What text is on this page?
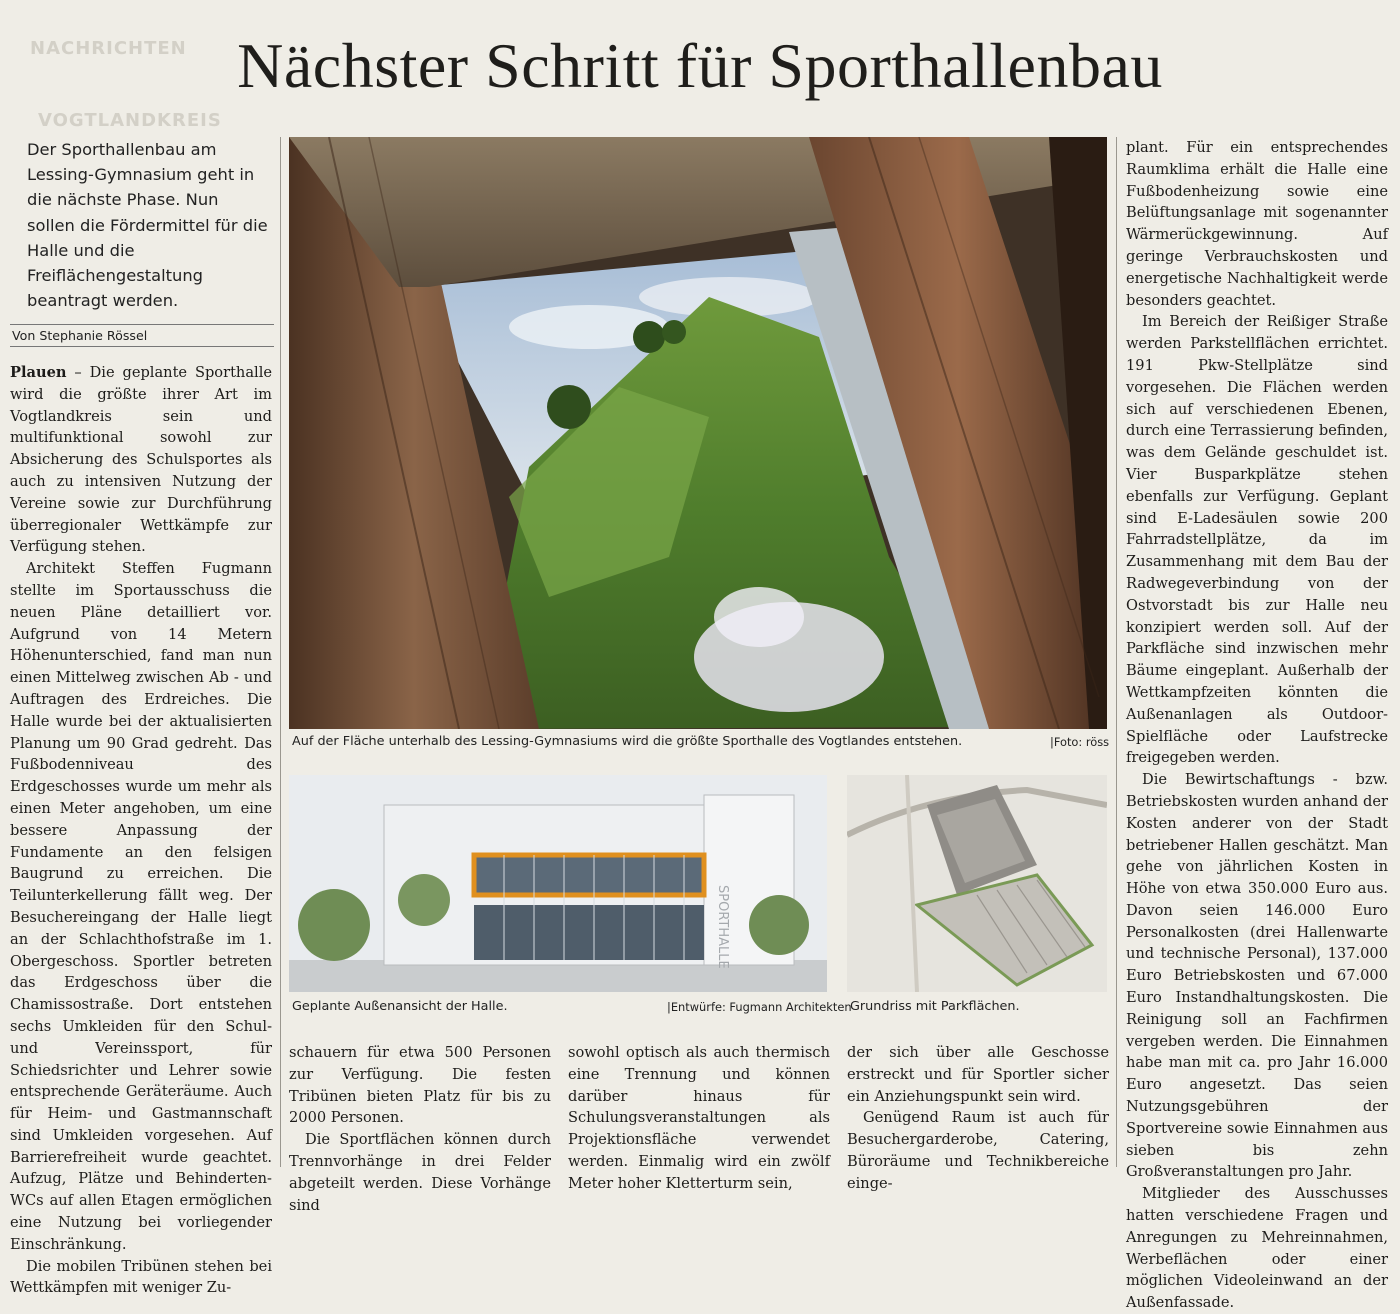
NACHRICHTEN
VOGTLANDKREIS
Nächster Schritt für Sporthallenbau
Der Sporthallenbau am Lessing-Gymnasium geht in die nächste Phase. Nun sollen die Fördermittel für die Halle und die Freiflächengestaltung beantragt werden.
Von Stephanie Rössel

Plauen – Die geplante Sporthalle wird die größte ihrer Art im Vogtlandkreis sein und multifunktional sowohl zur Absicherung des Schulsportes als auch zu intensiven Nutzung der Vereine sowie zur Durchführung überregionaler Wettkämpfe zur Verfügung stehen.

Architekt Steffen Fugmann stellte im Sportausschuss die neuen Pläne detailliert vor. Aufgrund von 14 Metern Höhenunterschied, fand man nun einen Mittelweg zwischen Ab - und Auftragen des Erdreiches. Die Halle wurde bei der aktualisierten Planung um 90 Grad gedreht. Das Fußbodenniveau des Erdgeschosses wurde um mehr als einen Meter angehoben, um eine bessere Anpassung der Fundamente an den felsigen Baugrund zu erreichen. Die Teilunterkellerung fällt weg. Der Besuchereingang der Halle liegt an der Schlachthofstraße im 1. Obergeschoss. Sportler betreten das Erdgeschoss über die Chamissostraße. Dort entstehen sechs Umkleiden für den Schul- und Vereinssport, für Schiedsrichter und Lehrer sowie entsprechende Geräteräume. Auch für Heim- und Gastmannschaft sind Umkleiden vorgesehen. Auf Barrierefreiheit wurde geachtet. Aufzug, Plätze und Behinderten-WCs auf allen Etagen ermöglichen eine Nutzung bei vorliegender Einschränkung.

Die mobilen Tribünen stehen bei Wettkämpfen mit weniger Zu-

Auf der Fläche unterhalb des Lessing-Gymnasiums wird die größte Sporthalle des Vogtlandes entstehen.	|Foto: röss
SPORTHALLE
Geplante Außenansicht der Halle.	|Entwürfe: Fugmann Architekten
Grundriss mit Parkflächen.

schauern für etwa 500 Personen zur Verfügung. Die festen Tribünen bieten Platz für bis zu 2000 Personen.

Die Sportflächen können durch Trennvorhänge in drei Felder abgeteilt werden. Diese Vorhänge sind

sowohl optisch als auch thermisch eine Trennung und können darüber hinaus für Schulungsveranstaltungen als Projektionsfläche verwendet werden. Einmalig wird ein zwölf Meter hoher Kletterturm sein,

der sich über alle Geschosse erstreckt und für Sportler sicher ein Anziehungspunkt sein wird.

Genügend Raum ist auch für Besuchergarderobe, Catering, Büroräume und Technikbereiche einge-

plant. Für ein entsprechendes Raumklima erhält die Halle eine Fußbodenheizung sowie eine Belüftungsanlage mit sogenannter Wärmerückgewinnung. Auf geringe Verbrauchskosten und energetische Nachhaltigkeit werde besonders geachtet.

Im Bereich der Reißiger Straße werden Parkstellflächen errichtet. 191 Pkw-Stellplätze sind vorgesehen. Die Flächen werden sich auf verschiedenen Ebenen, durch eine Terrassierung befinden, was dem Gelände geschuldet ist. Vier Busparkplätze stehen ebenfalls zur Verfügung. Geplant sind E-Ladesäulen sowie 200 Fahrradstellplätze, da im Zusammenhang mit dem Bau der Radwegeverbindung von der Ostvorstadt bis zur Halle neu konzipiert werden soll. Auf der Parkfläche sind inzwischen mehr Bäume eingeplant. Außerhalb der Wettkampfzeiten könnten die Außenanlagen als Outdoor-Spielfläche oder Laufstrecke freigegeben werden.

Die Bewirtschaftungs - bzw. Betriebskosten wurden anhand der Kosten anderer von der Stadt betriebener Hallen geschätzt. Man gehe von jährlichen Kosten in Höhe von etwa 350.000 Euro aus. Davon seien 146.000 Euro Personalkosten (drei Hallenwarte und technische Personal), 137.000 Euro Betriebskosten und 67.000 Euro Instandhaltungskosten. Die Reinigung soll an Fachfirmen vergeben werden. Die Einnahmen habe man mit ca. pro Jahr 16.000 Euro angesetzt. Das seien Nutzungsgebühren der Sportvereine sowie Einnahmen aus sieben bis zehn Großveranstaltungen pro Jahr.

Mitglieder des Ausschusses hatten verschiedene Fragen und Anregungen zu Mehreinnahmen, Werbeflächen oder einer möglichen Videoleinwand an der Außenfassade.
